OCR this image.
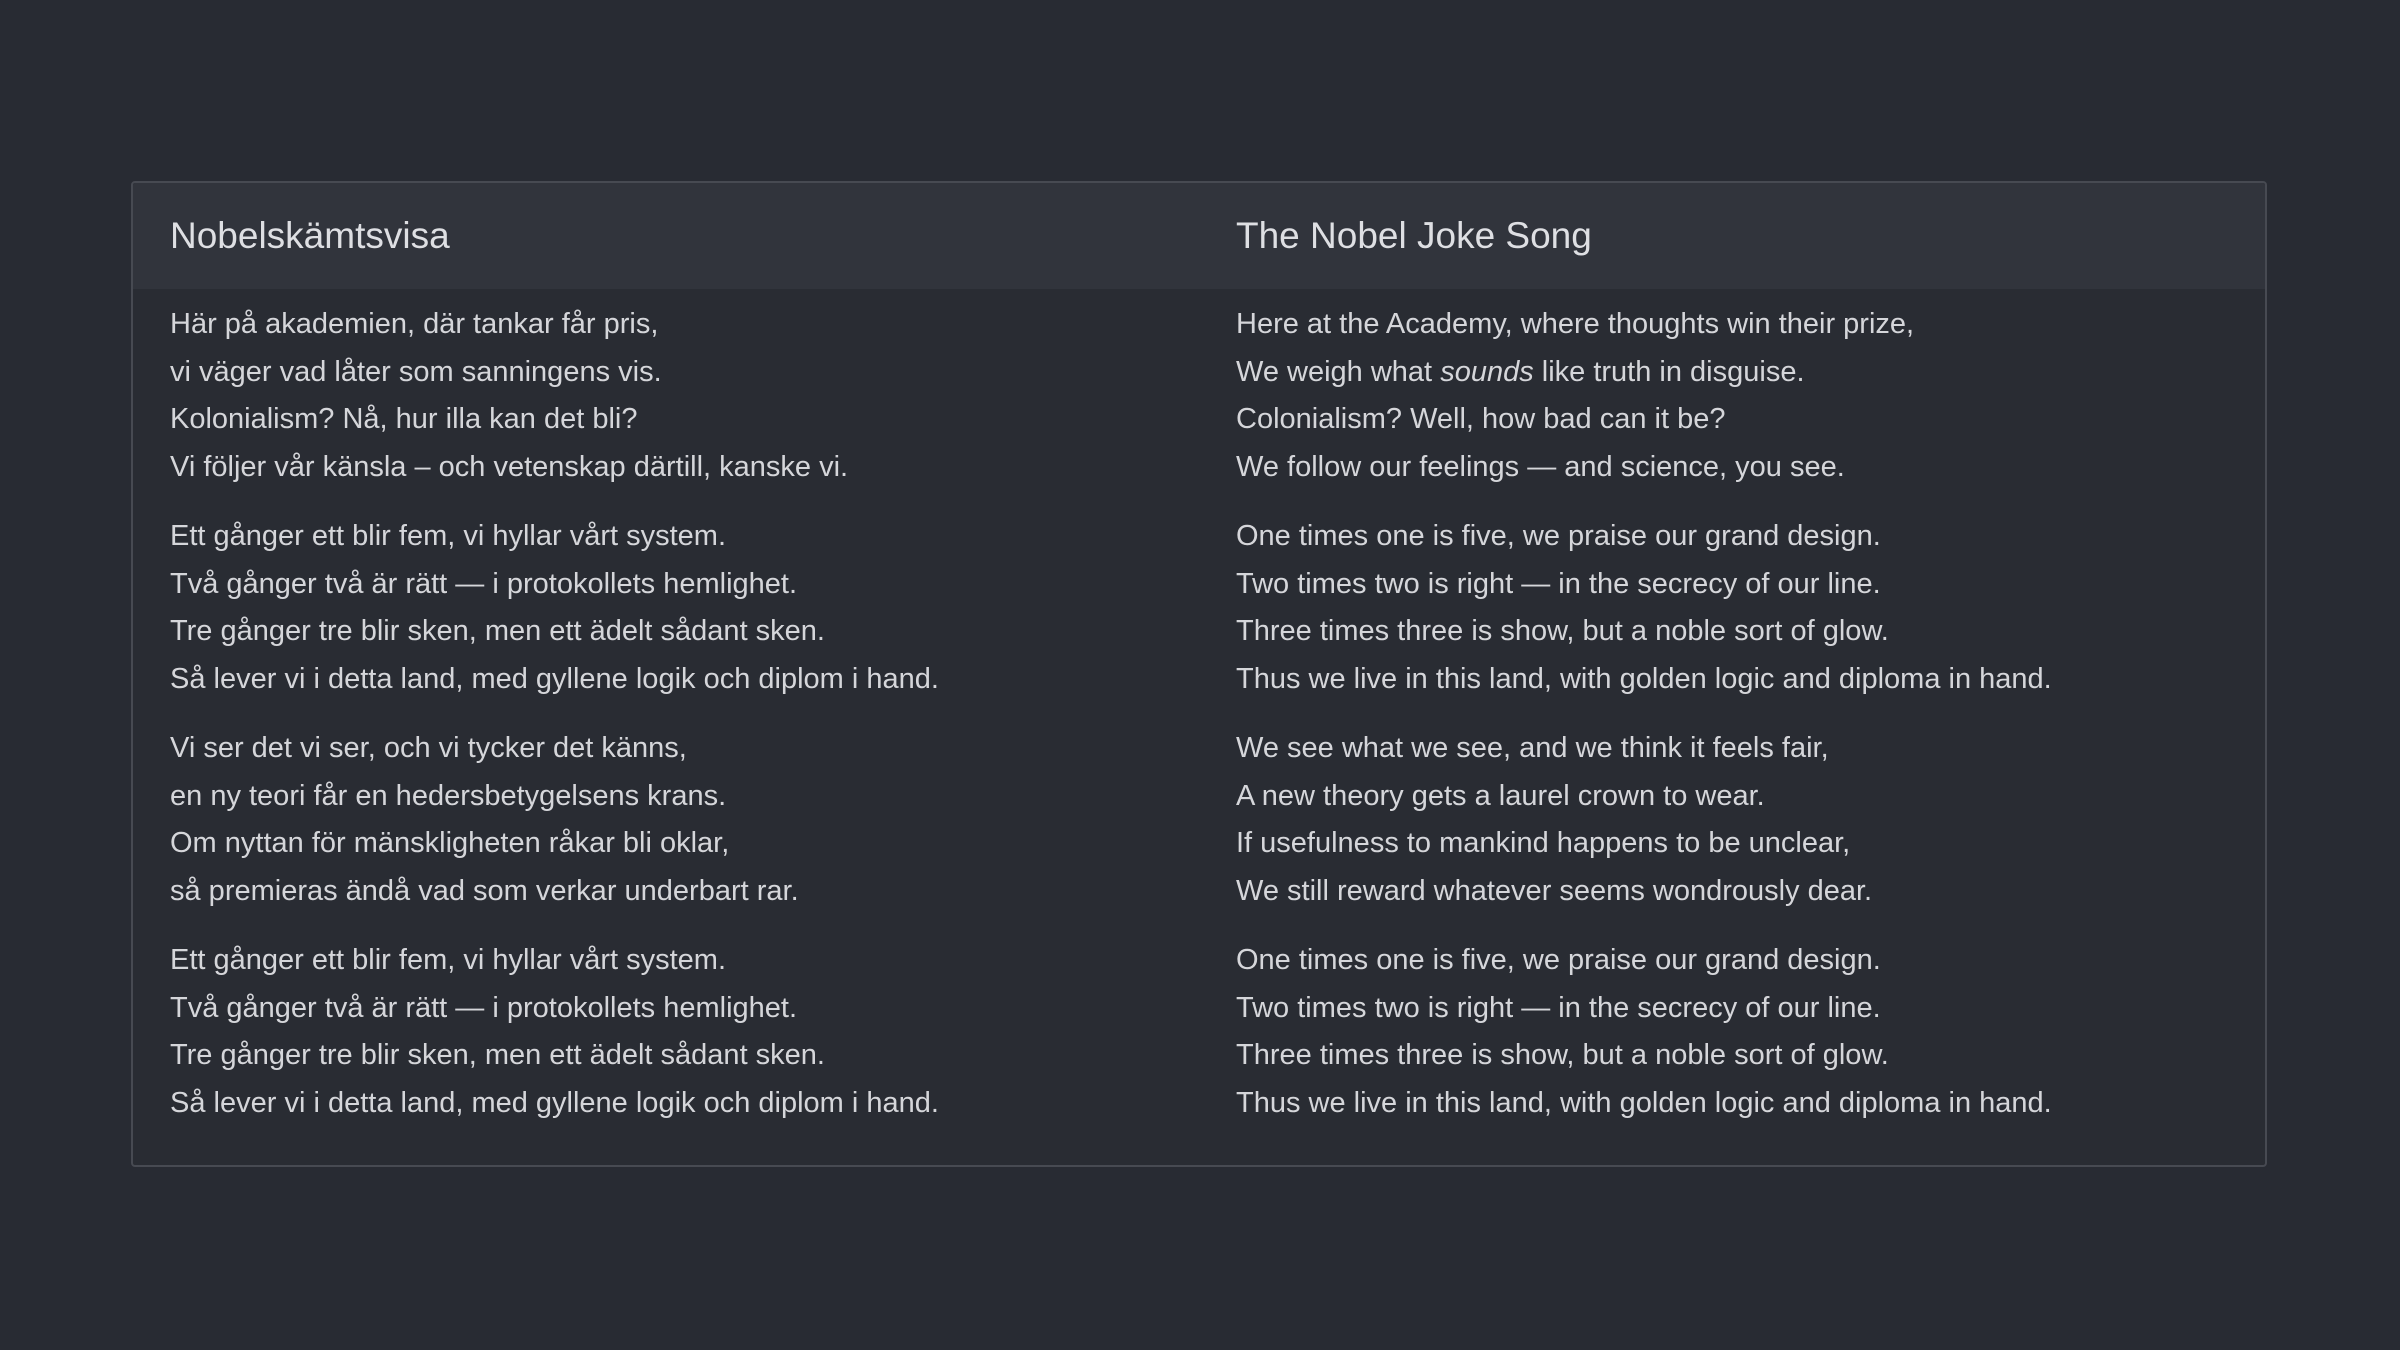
Nobelskämtsvisa
Här på akademien, där tankar får pris,
vi väger vad låter som sanningens vis.
Kolonialism? Nå, hur illa kan det bli?
Vi följer vår känsla – och vetenskap därtill, kanske vi.
Ett gånger ett blir fem, vi hyllar vårt system.
Två gånger två är rätt — i protokollets hemlighet.
Tre gånger tre blir sken, men ett ädelt sådant sken.
Så lever vi i detta land, med gyllene logik och diplom i hand.
Vi ser det vi ser, och vi tycker det känns,
en ny teori får en hedersbetygelsens krans.
Om nyttan för mänskligheten råkar bli oklar,
så premieras ändå vad som verkar underbart rar.
Ett gånger ett blir fem, vi hyllar vårt system.
Två gånger två är rätt — i protokollets hemlighet.
Tre gånger tre blir sken, men ett ädelt sådant sken.
Så lever vi i detta land, med gyllene logik och diplom i hand.
The Nobel Joke Song
Here at the Academy, where thoughts win their prize,
We weigh what sounds like truth in disguise.
Colonialism? Well, how bad can it be?
We follow our feelings — and science, you see.
One times one is five, we praise our grand design.
Two times two is right — in the secrecy of our line.
Three times three is show, but a noble sort of glow.
Thus we live in this land, with golden logic and diploma in hand.
We see what we see, and we think it feels fair,
A new theory gets a laurel crown to wear.
If usefulness to mankind happens to be unclear,
We still reward whatever seems wondrously dear.
One times one is five, we praise our grand design.
Two times two is right — in the secrecy of our line.
Three times three is show, but a noble sort of glow.
Thus we live in this land, with golden logic and diploma in hand.
